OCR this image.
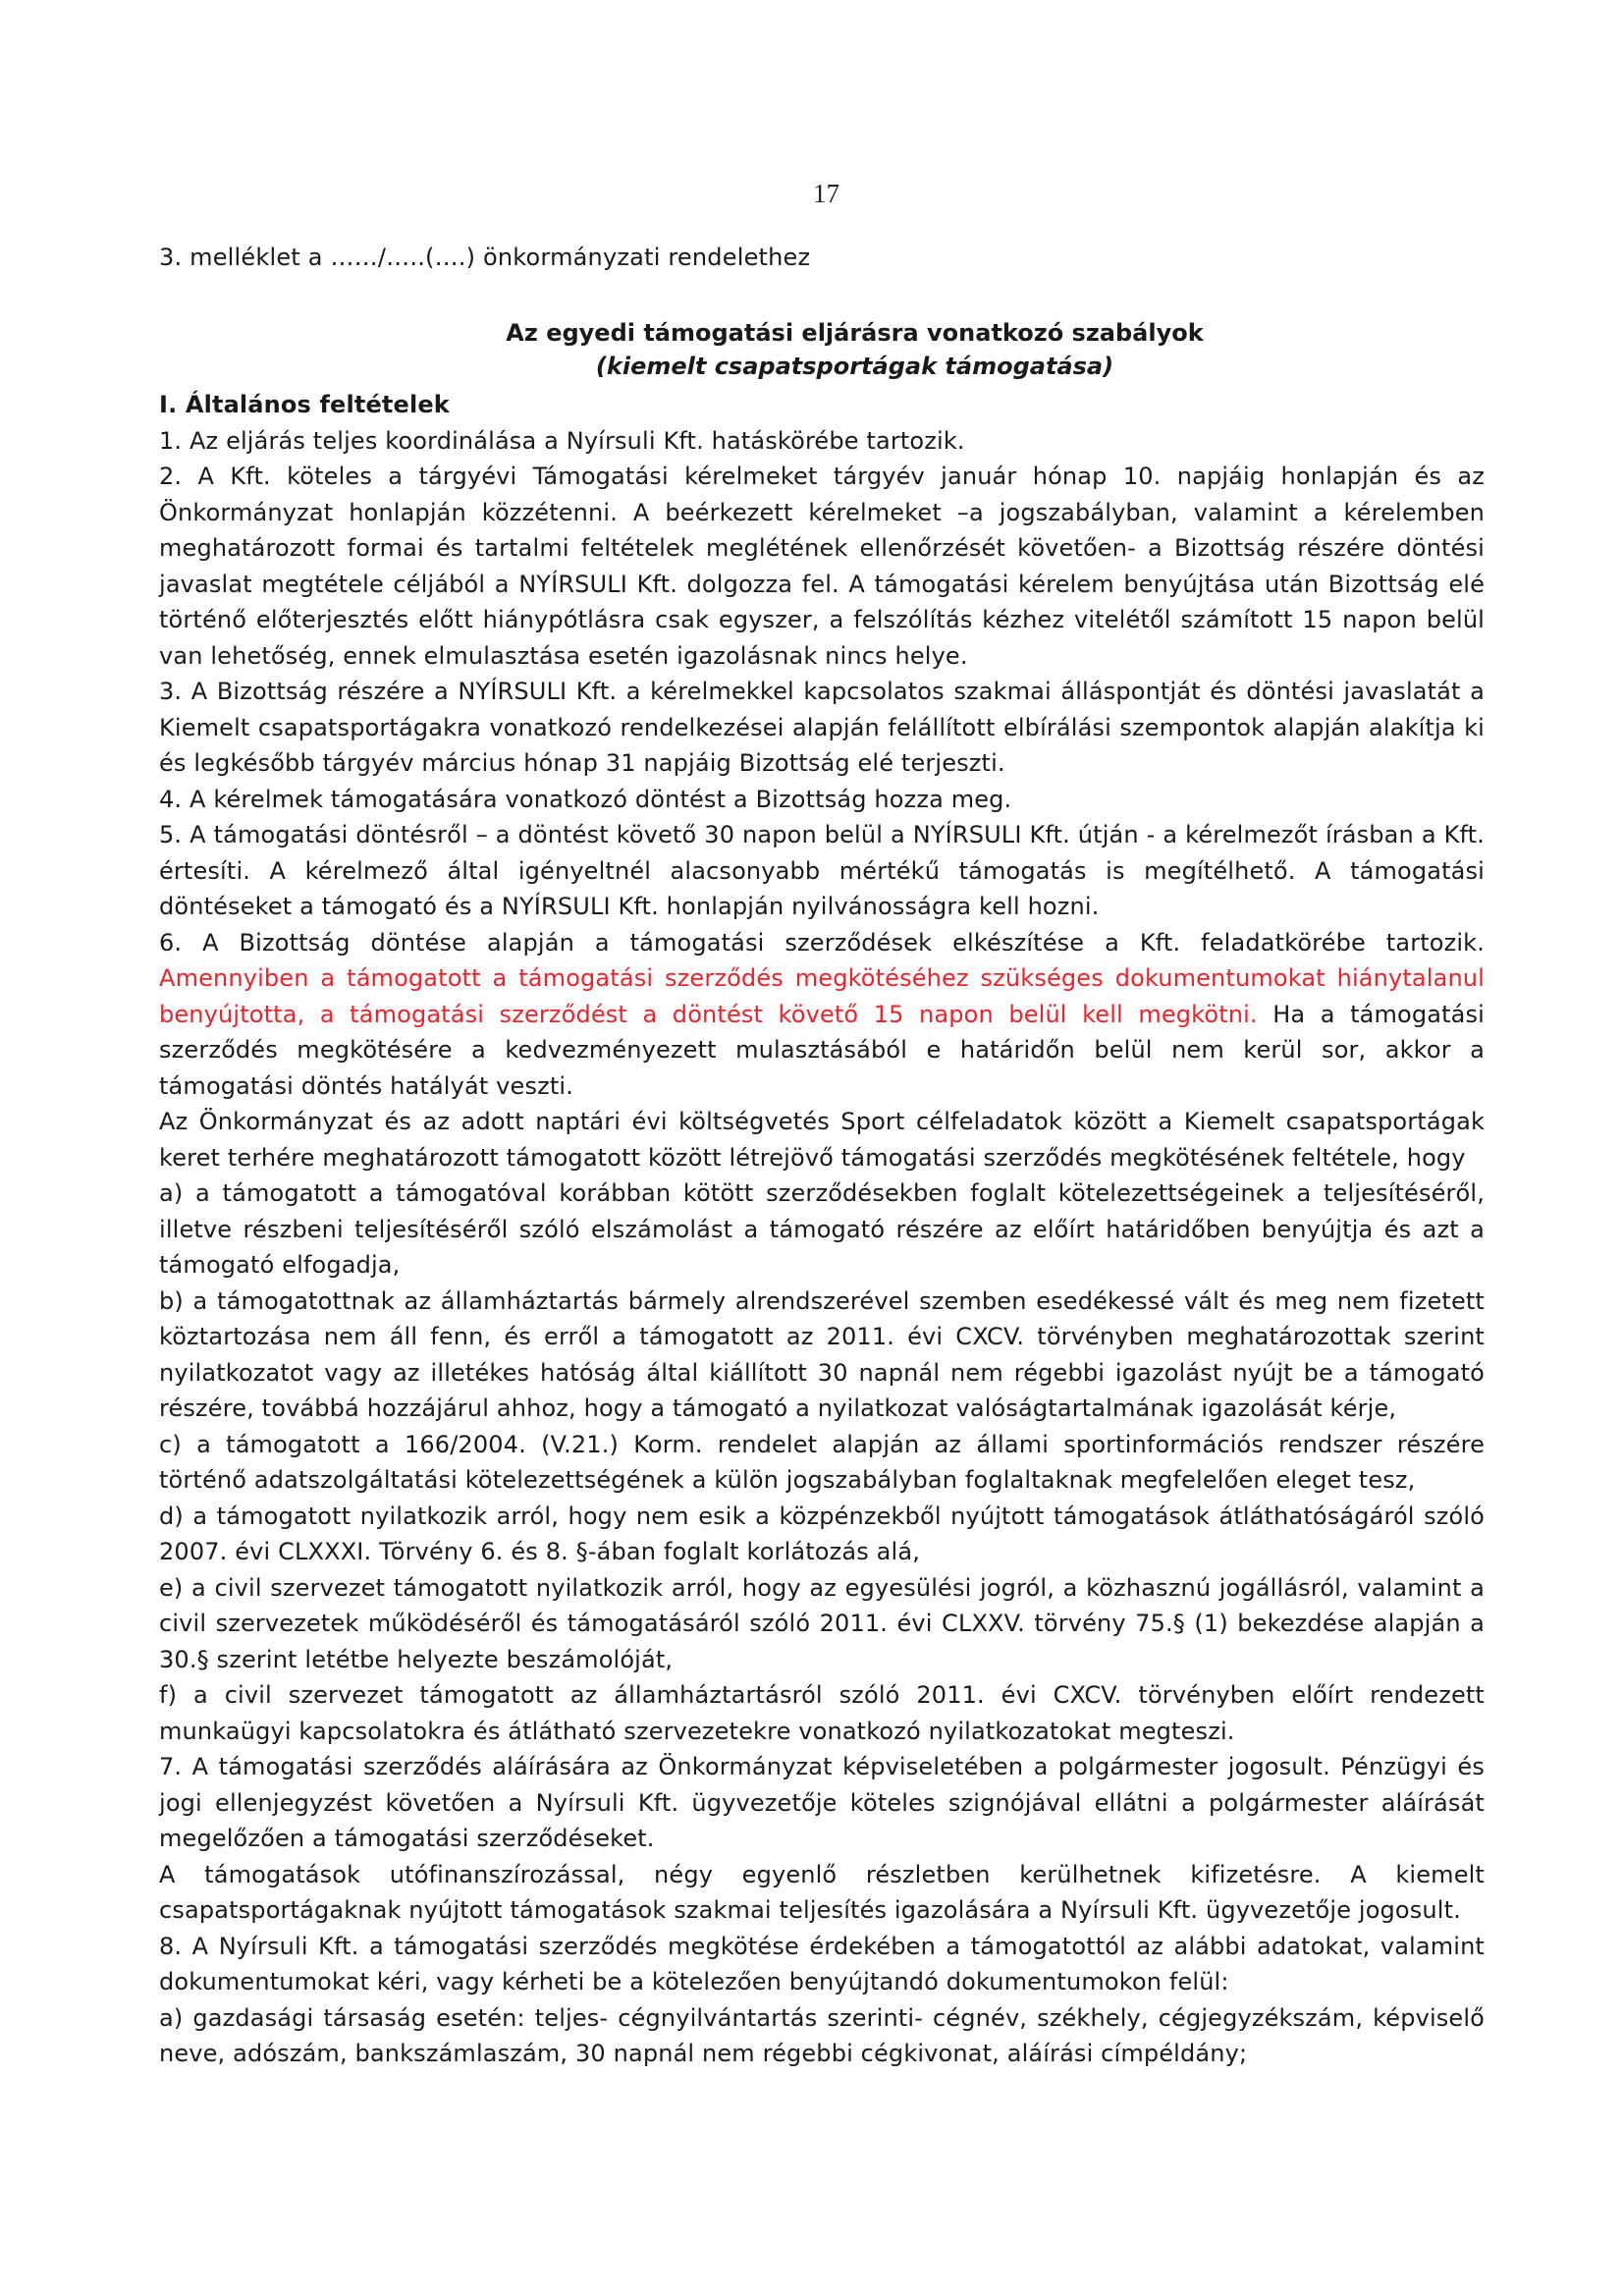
17
3. melléklet a ……/…..(….) önkormányzati rendelethez
Az egyedi támogatási eljárásra vonatkozó szabályok
(kiemelt csapatsportágak támogatása)

I. Általános feltételek

1. Az eljárás teljes koordinálása a Nyírsuli Kft. hatáskörébe tartozik.

2. A Kft. köteles a tárgyévi Támogatási kérelmeket tárgyév január hónap 10. napjáig honlapján és az Önkormányzat honlapján közzétenni. A beérkezett kérelmeket –a jogszabályban, valamint a kérelemben meghatározott formai és tartalmi feltételek meglétének ellenőrzését követően- a Bizottság részére döntési javaslat megtétele céljából a NYÍRSULI Kft. dolgozza fel. A támogatási kérelem benyújtása után Bizottság elé történő előterjesztés előtt hiánypótlásra csak egyszer, a felszólítás kézhez vitelétől számított 15 napon belül van lehetőség, ennek elmulasztása esetén igazolásnak nincs helye.

3. A Bizottság részére a NYÍRSULI Kft. a kérelmekkel kapcsolatos szakmai álláspontját és döntési javaslatát a Kiemelt csapatsportágakra vonatkozó rendelkezései alapján felállított elbírálási szempontok alapján alakítja ki és legkésőbb tárgyév március hónap 31 napjáig Bizottság elé terjeszti.

4. A kérelmek támogatására vonatkozó döntést a Bizottság hozza meg.

5. A támogatási döntésről – a döntést követő 30 napon belül a NYÍRSULI Kft. útján - a kérelmezőt írásban a Kft. értesíti. A kérelmező által igényeltnél alacsonyabb mértékű támogatás is megítélhető. A támogatási döntéseket a támogató és a NYÍRSULI Kft. honlapján nyilvánosságra kell hozni.

6. A Bizottság döntése alapján a támogatási szerződések elkészítése a Kft. feladatkörébe tartozik. Amennyiben a támogatott a támogatási szerződés megkötéséhez szükséges dokumentumokat hiánytalanul benyújtotta, a támogatási szerződést a döntést követő 15 napon belül kell megkötni. Ha a támogatási szerződés megkötésére a kedvezményezett mulasztásából e határidőn belül nem kerül sor, akkor a támogatási döntés hatályát veszti.

Az Önkormányzat és az adott naptári évi költségvetés Sport célfeladatok között a Kiemelt csapatsportágak keret terhére meghatározott támogatott között létrejövő támogatási szerződés megkötésének feltétele, hogy

a) a támogatott a támogatóval korábban kötött szerződésekben foglalt kötelezettségeinek a teljesítéséről, illetve részbeni teljesítéséről szóló elszámolást a támogató részére az előírt határidőben benyújtja és azt a támogató elfogadja,

b) a támogatottnak az államháztartás bármely alrendszerével szemben esedékessé vált és meg nem fizetett köztartozása nem áll fenn, és erről a támogatott az 2011. évi CXCV. törvényben meghatározottak szerint nyilatkozatot vagy az illetékes hatóság által kiállított 30 napnál nem régebbi igazolást nyújt be a támogató részére, továbbá hozzájárul ahhoz, hogy a támogató a nyilatkozat valóságtartalmának igazolását kérje,

c) a támogatott a 166/2004. (V.21.) Korm. rendelet alapján az állami sportinformációs rendszer részére történő adatszolgáltatási kötelezettségének a külön jogszabályban foglaltaknak megfelelően eleget tesz,

d) a támogatott nyilatkozik arról, hogy nem esik a közpénzekből nyújtott támogatások átláthatóságáról szóló 2007. évi CLXXXI. Törvény 6. és 8. §-ában foglalt korlátozás alá,

e) a civil szervezet támogatott nyilatkozik arról, hogy az egyesülési jogról, a közhasznú jogállásról, valamint a civil szervezetek működéséről és támogatásáról szóló 2011. évi CLXXV. törvény 75.§ (1) bekezdése alapján a 30.§ szerint letétbe helyezte beszámolóját,

f) a civil szervezet támogatott az államháztartásról szóló 2011. évi CXCV. törvényben előírt rendezett munkaügyi kapcsolatokra és átlátható szervezetekre vonatkozó nyilatkozatokat megteszi.

7. A támogatási szerződés aláírására az Önkormányzat képviseletében a polgármester jogosult. Pénzügyi és jogi ellenjegyzést követően a Nyírsuli Kft. ügyvezetője köteles szignójával ellátni a polgármester aláírását megelőzően a támogatási szerződéseket.

A támogatások utófinanszírozással, négy egyenlő részletben kerülhetnek kifizetésre. A kiemelt csapatsportágaknak nyújtott támogatások szakmai teljesítés igazolására a Nyírsuli Kft. ügyvezetője jogosult.

8. A Nyírsuli Kft. a támogatási szerződés megkötése érdekében a támogatottól az alábbi adatokat, valamint dokumentumokat kéri, vagy kérheti be a kötelezően benyújtandó dokumentumokon felül:

a) gazdasági társaság esetén: teljes- cégnyilvántartás szerinti- cégnév, székhely, cégjegyzékszám, képviselő neve, adószám, bankszámlaszám, 30 napnál nem régebbi cégkivonat, aláírási címpéldány;
